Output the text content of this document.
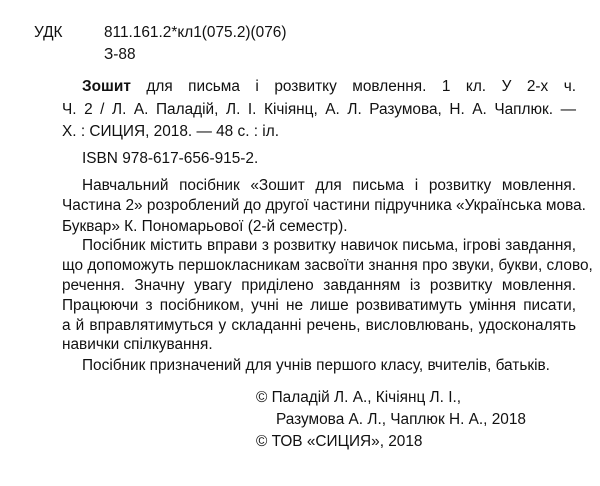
УДК	811.161.2*кл1(075.2)(076)
З-88
Зошит для письма і розвитку мовлення. 1 кл. У 2-х ч.
Ч. 2 / Л. А. Паладій, Л. І. Кічіянц, А. Л. Разумова, Н. А. Чаплюк. —
Х. : СИЦИЯ, 2018. — 48 с. : іл.
ISBN 978-617-656-915-2.
Навчальний посібник «Зошит для письма і розвитку мовлення.
Частина 2» розроблений до другої частини підручника «Українська мова.
Буквар» К. Пономарьової (2-й семестр).
Посібник містить вправи з розвитку навичок письма, ігрові завдання,
що допоможуть першокласникам засвоїти знання про звуки, букви, слово,
речення. Значну увагу приділено завданням із розвитку мовлення.
Працюючи з посібником, учні не лише розвиватимуть уміння писати,
а й вправлятимуться у складанні речень, висловлювань, удосконалять
навички спілкування.
Посібник призначений для учнів першого класу, вчителів, батьків.
© Паладій Л. А., Кічіянц Л. І.,
Разумова А. Л., Чаплюк Н. А., 2018
© ТОВ «СИЦИЯ», 2018
